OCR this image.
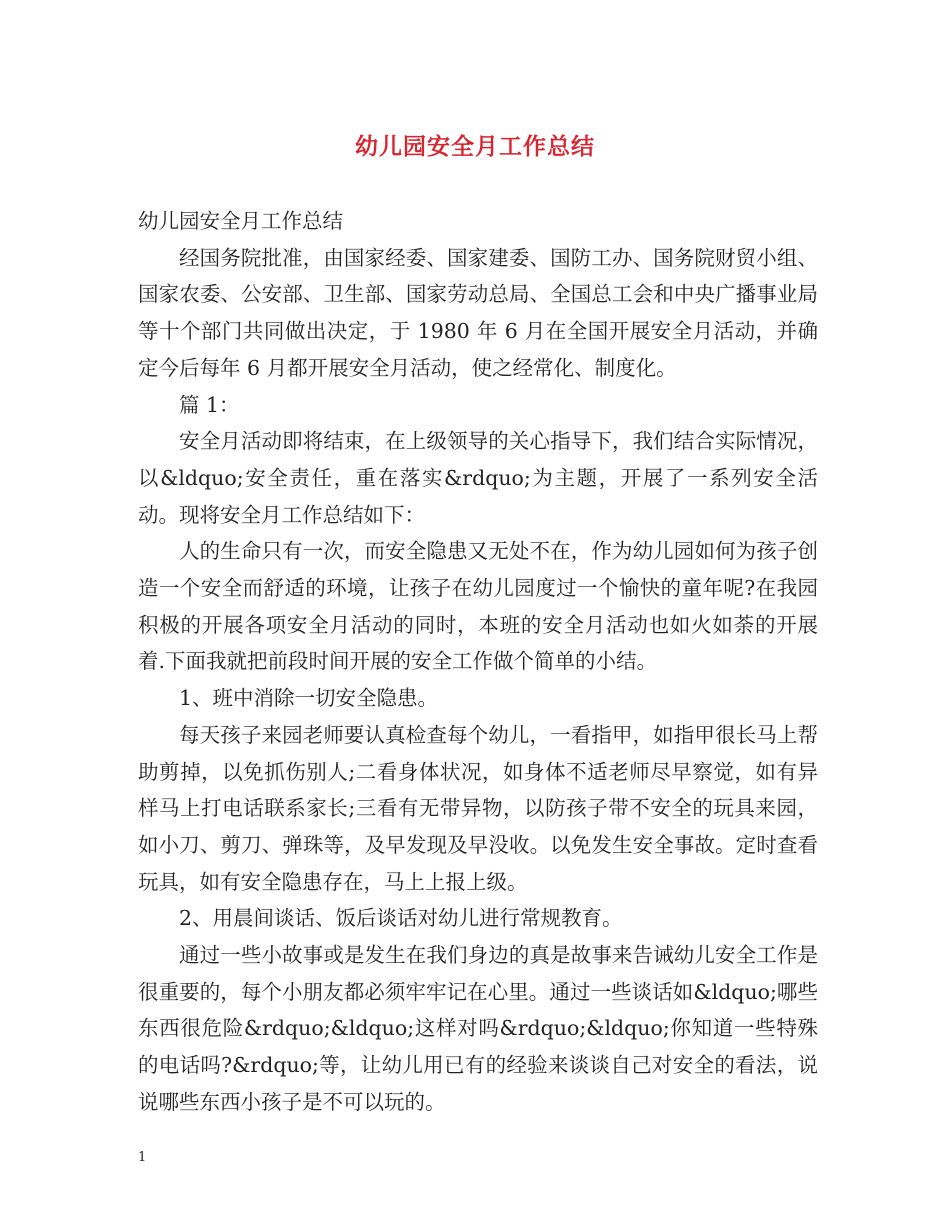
幼儿园安全月工作总结

幼儿园安全月工作总结

经国务院批准，由国家经委、国家建委、国防工办、国务院财贸小组、国家农委、公安部、卫生部、国家劳动总局、全国总工会和中央广播事业局等十个部门共同做出决定，于 1980 年 6 月在全国开展安全月活动，并确定今后每年 6 月都开展安全月活动，使之经常化、制度化。

篇 1：

安全月活动即将结束，在上级领导的关心指导下，我们结合实际情况，以&ldquo;安全责任，重在落实&rdquo;为主题，开展了一系列安全活动。现将安全月工作总结如下：

人的生命只有一次，而安全隐患又无处不在，作为幼儿园如何为孩子创造一个安全而舒适的环境，让孩子在幼儿园度过一个愉快的童年呢?在我园积极的开展各项安全月活动的同时，本班的安全月活动也如火如荼的开展着.下面我就把前段时间开展的安全工作做个简单的小结。

1、班中消除一切安全隐患。

每天孩子来园老师要认真检查每个幼儿，一看指甲，如指甲很长马上帮助剪掉，以免抓伤别人;二看身体状况，如身体不适老师尽早察觉，如有异样马上打电话联系家长;三看有无带异物，以防孩子带不安全的玩具来园，如小刀、剪刀、弹珠等，及早发现及早没收。以免发生安全事故。定时查看玩具，如有安全隐患存在，马上上报上级。

2、用晨间谈话、饭后谈话对幼儿进行常规教育。

通过一些小故事或是发生在我们身边的真是故事来告诫幼儿安全工作是很重要的，每个小朋友都必须牢牢记在心里。通过一些谈话如&ldquo;哪些东西很危险&rdquo;&ldquo;这样对吗&rdquo;&ldquo;你知道一些特殊的电话吗?&rdquo;等，让幼儿用已有的经验来谈谈自己对安全的看法，说说哪些东西小孩子是不可以玩的。

1
